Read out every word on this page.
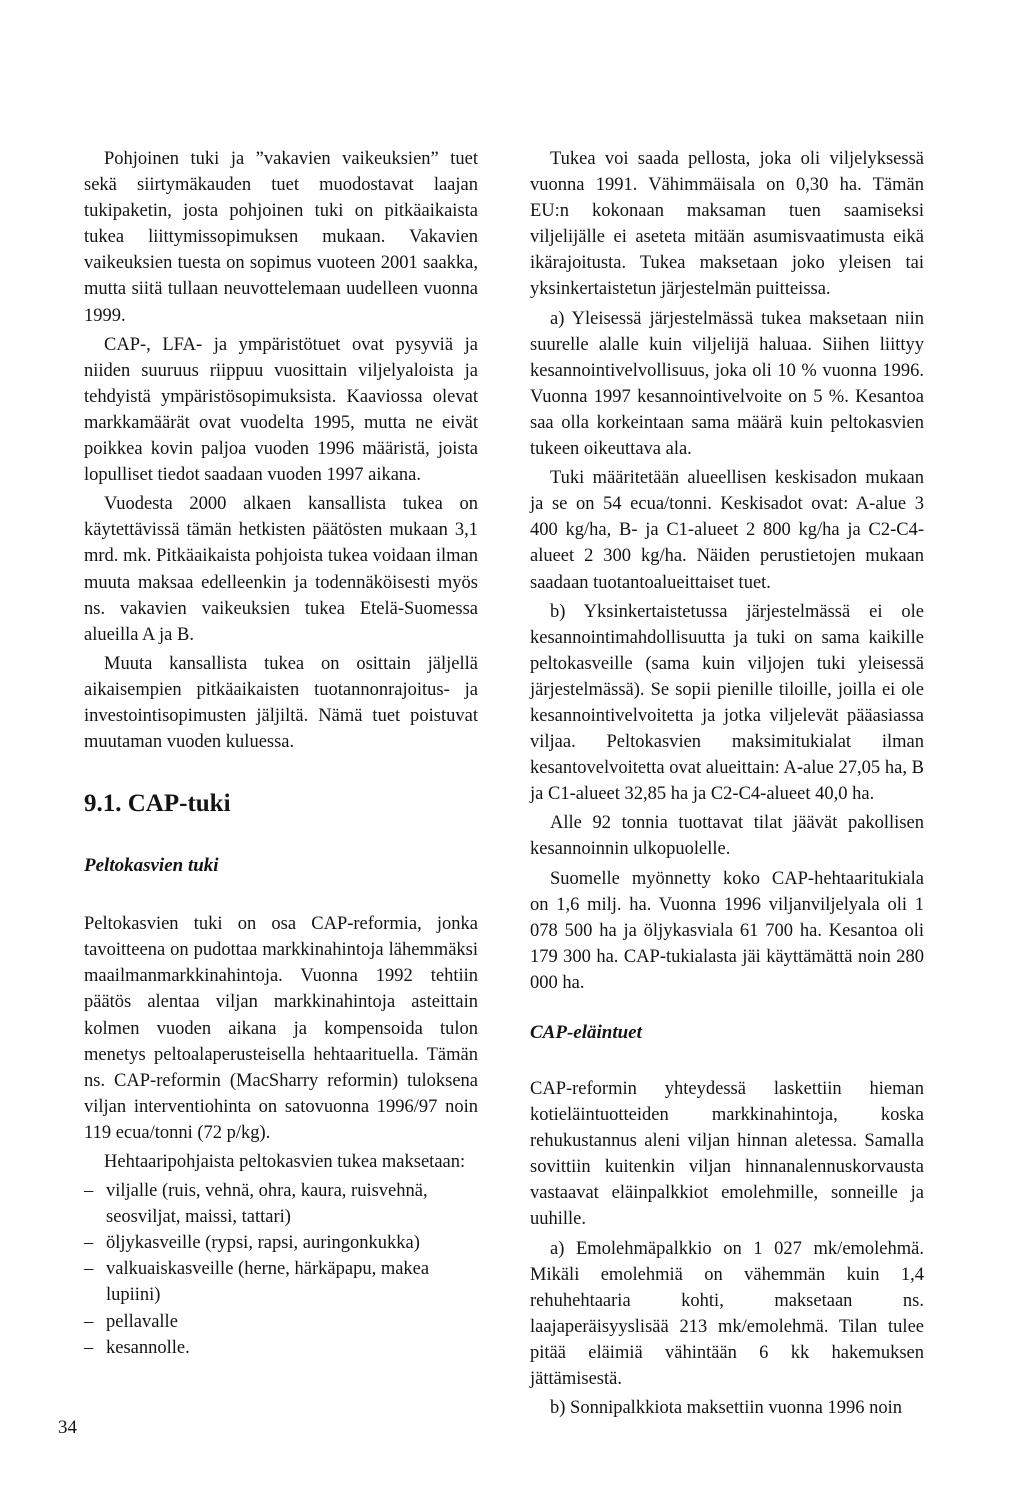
Pohjoinen tuki ja ”vakavien vaikeuksien” tuet sekä siirtymäkauden tuet muodostavat laajan tukipaketin, josta pohjoinen tuki on pitkäaikaista tukea liittymissopimuksen mukaan. Vakavien vaikeuksien tuesta on sopimus vuoteen 2001 saakka, mutta siitä tullaan neuvottelemaan uudelleen vuonna 1999.

CAP-, LFA- ja ympäristötuet ovat pysyviä ja niiden suuruus riippuu vuosittain viljelyaloista ja tehdyistä ympäristösopimuksista. Kaaviossa olevat markkamäärät ovat vuodelta 1995, mutta ne eivät poikkea kovin paljoa vuoden 1996 määristä, joista lopulliset tiedot saadaan vuoden 1997 aikana.

Vuodesta 2000 alkaen kansallista tukea on käytettävissä tämän hetkisten päätösten mukaan 3,1 mrd. mk. Pitkäaikaista pohjoista tukea voidaan ilman muuta maksaa edelleenkin ja todennäköisesti myös ns. vakavien vaikeuksien tukea Etelä-Suomessa alueilla A ja B.

Muuta kansallista tukea on osittain jäljellä aikaisempien pitkäaikaisten tuotannonrajoitus- ja investointisopimusten jäljiltä. Nämä tuet poistuvat muutaman vuoden kuluessa.

9.1. CAP-tuki
Peltokasvien tuki

Peltokasvien tuki on osa CAP-reformia, jonka tavoitteena on pudottaa markkinahintoja lähemmäksi maailmanmarkkinahintoja. Vuonna 1992 tehtiin päätös alentaa viljan markkinahintoja asteittain kolmen vuoden aikana ja kompensoida tulon menetys peltoalaperusteisella hehtaarituella. Tämän ns. CAP-reformin (MacSharry reformin) tuloksena viljan interventiohinta on satovuonna 1996/97 noin 119 ecua/tonni (72 p/kg).

Hehtaaripohjaista peltokasvien tukea maksetaan:

– viljalle (ruis, vehnä, ohra, kaura, ruisvehnä, seosviljat, maissi, tattari)
– öljykasveille (rypsi, rapsi, auringonkukka)
– valkuaiskasveille (herne, härkäpapu, makea lupiini)
– pellavalle
– kesannolle.

Tukea voi saada pellosta, joka oli viljelyksessä vuonna 1991. Vähimmäisala on 0,30 ha. Tämän EU:n kokonaan maksaman tuen saamiseksi viljelijälle ei aseteta mitään asumisvaatimusta eikä ikärajoitusta. Tukea maksetaan joko yleisen tai yksinkertaistetun järjestelmän puitteissa.

a) Yleisessä järjestelmässä tukea maksetaan niin suurelle alalle kuin viljelijä haluaa. Siihen liittyy kesannointivelvollisuus, joka oli 10 % vuonna 1996. Vuonna 1997 kesannointivelvoite on 5 %. Kesantoa saa olla korkeintaan sama määrä kuin peltokasvien tukeen oikeuttava ala.

Tuki määritetään alueellisen keskisadon mukaan ja se on 54 ecua/tonni. Keskisadot ovat: A-alue 3 400 kg/ha, B- ja C1-alueet 2 800 kg/ha ja C2-C4-alueet 2 300 kg/ha. Näiden perustietojen mukaan saadaan tuotantoalueittaiset tuet.

b) Yksinkertaistetussa järjestelmässä ei ole kesannointimahdollisuutta ja tuki on sama kaikille peltokasveille (sama kuin viljojen tuki yleisessä järjestelmässä). Se sopii pienille tiloille, joilla ei ole kesannointivelvoitetta ja jotka viljelevät pääasiassa viljaa. Peltokasvien maksimitukialat ilman kesantovelvoitetta ovat alueittain: A-alue 27,05 ha, B ja C1-alueet 32,85 ha ja C2-C4-alueet 40,0 ha.

Alle 92 tonnia tuottavat tilat jäävät pakollisen kesannoinnin ulkopuolelle.

Suomelle myönnetty koko CAP-hehtaaritukiala on 1,6 milj. ha. Vuonna 1996 viljanviljelyala oli 1 078 500 ha ja öljykasviala 61 700 ha. Kesantoa oli 179 300 ha. CAP-tukialasta jäi käyttämättä noin 280 000 ha.

CAP-eläintuet

CAP-reformin yhteydessä laskettiin hieman kotieläintuotteiden markkinahintoja, koska rehukustannus aleni viljan hinnan aletessa. Samalla sovittiin kuitenkin viljan hinnanalennuskorvausta vastaavat eläinpalkkiot emolehmille, sonneille ja uuhille.

a) Emolehmäpalkkio on 1 027 mk/emolehmä. Mikäli emolehmiä on vähemmän kuin 1,4 rehuhehtaaria kohti, maksetaan ns. laajaperäisyyslisää 213 mk/emolehmä. Tilan tulee pitää eläimiä vähintään 6 kk hakemuksen jättämisestä.

b) Sonnipalkkiota maksettiin vuonna 1996 noin

34
